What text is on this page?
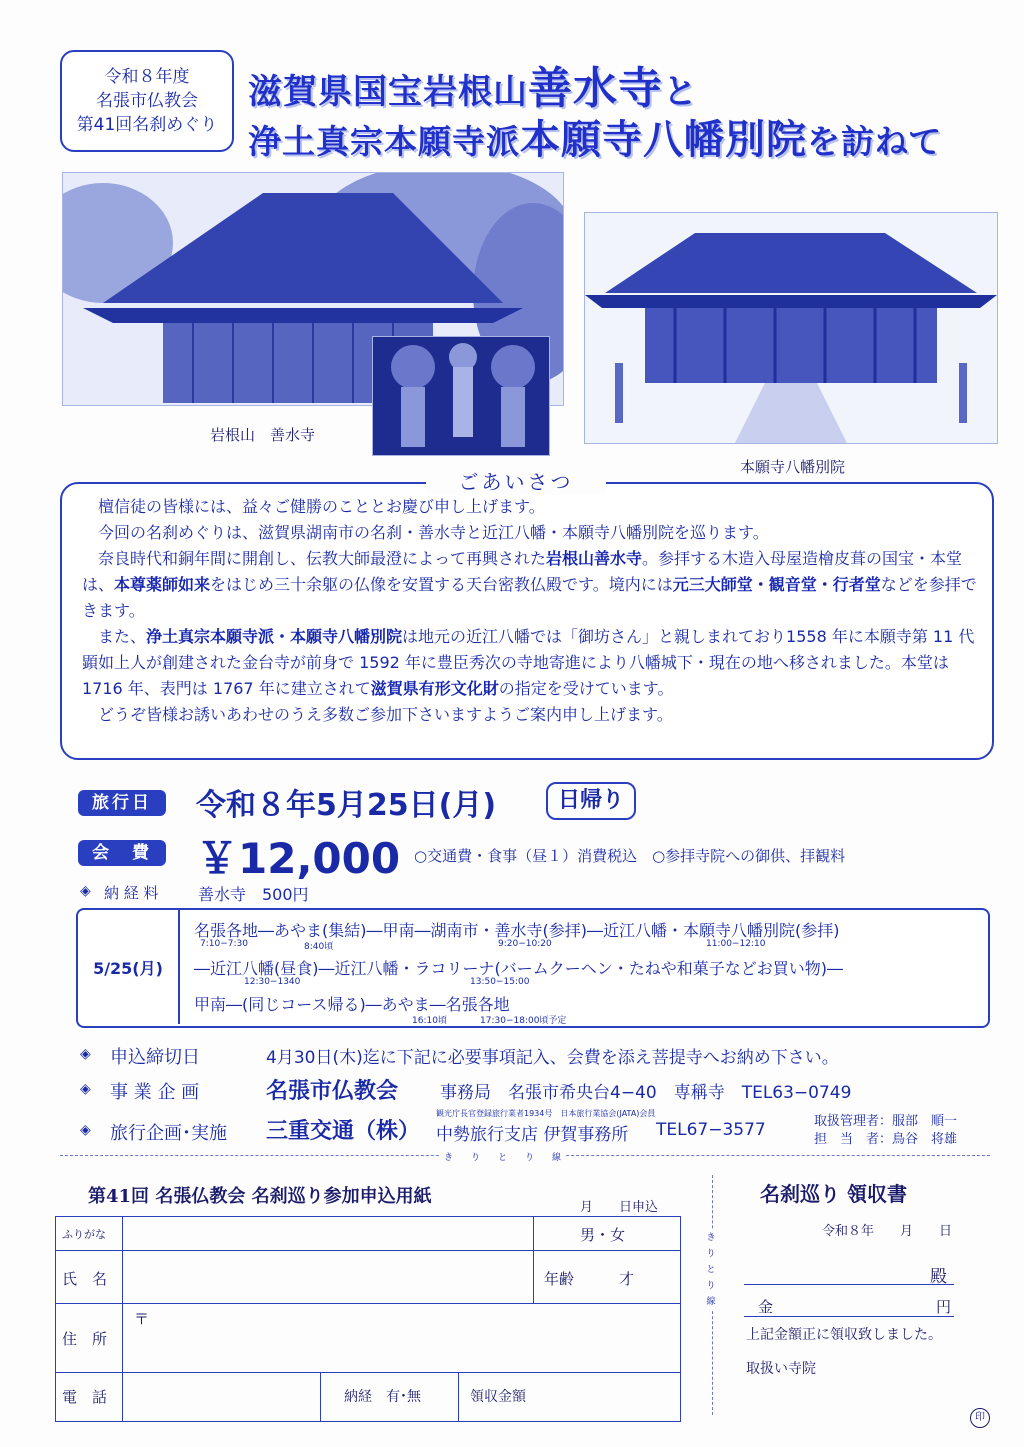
令和８年度
名張市仏教会
第41回名刹めぐり
滋賀県国宝岩根山善水寺と
浄土真宗本願寺派本願寺八幡別院を訪ねて
岩根山　善水寺
本願寺八幡別院
ごあいさつ

檀信徒の皆様には、益々ご健勝のこととお慶び申し上げます。

今回の名刹めぐりは、滋賀県湖南市の名刹・善水寺と近江八幡・本願寺八幡別院を巡ります。

奈良時代和銅年間に開創し、伝教大師最澄によって再興された岩根山善水寺。参拝する木造入母屋造檜皮葺の国宝・本堂は、本尊薬師如来をはじめ三十余躯の仏像を安置する天台密教仏殿です。境内には元三大師堂・観音堂・行者堂などを参拝できます。

また、浄土真宗本願寺派・本願寺八幡別院は地元の近江八幡では「御坊さん」と親しまれており1558 年に本願寺第 11 代顕如上人が創建された金台寺が前身で 1592 年に豊臣秀次の寺地寄進により八幡城下・現在の地へ移されました。本堂は 1716 年、表門は 1767 年に建立されて滋賀県有形文化財の指定を受けています。

どうぞ皆様お誘いあわせのうえ多数ご参加下さいますようご案内申し上げます。

旅行日	令和８年5月25日(月)	日帰り
会　費	￥12,000 ○交通費・食事（昼１）消費税込　○参拝寺院への御供、拝観料
◈ 納 経 料 善水寺　500円
5/25(月)
名張各地―あやま(集結)―甲南―湖南市・善水寺(参拝)―近江八幡・本願寺八幡別院(参拝)
7:10−7:30	8:40頃	9:20−10:20	11:00−12:10
―近江八幡(昼食)―近江八幡・ラコリーナ(バームクーヘン・たねや和菓子などお買い物)―
12:30−1340	13:50−15:00
甲南―(同じコース帰る)―あやま―名張各地
16:10頃	17:30−18:00頃予定
◈ 申込締切日	4月30日(木)迄に下記に必要事項記入、会費を添え菩提寺へお納め下さい。
◈ 事 業 企 画	名張市仏教会 事務局　名張市希央台4−40　専稱寺　TEL63−0749
◈ 旅行企画･実施 三重交通（株）
観光庁長官登録旅行業者1934号　日本旅行業協会(JATA)会員
中勢旅行支店 伊賀事務所 TEL67−3577	取扱管理者：服部　順一
担　当　者：鳥谷　将雄
き　　り　　と　　り　　線
き　り　と　り　線
第41回 名張仏教会 名刹巡り参加申込用紙
月　　日申込
ふりがな	男・女
氏　名	年齢　　　才
〒
住　所
電　話	納経　有･無	領収金額
名刹巡り 領収書
令和８年　　月　　日
殿
金	円
上記金額正に領収致しました。
取扱い寺院
印
